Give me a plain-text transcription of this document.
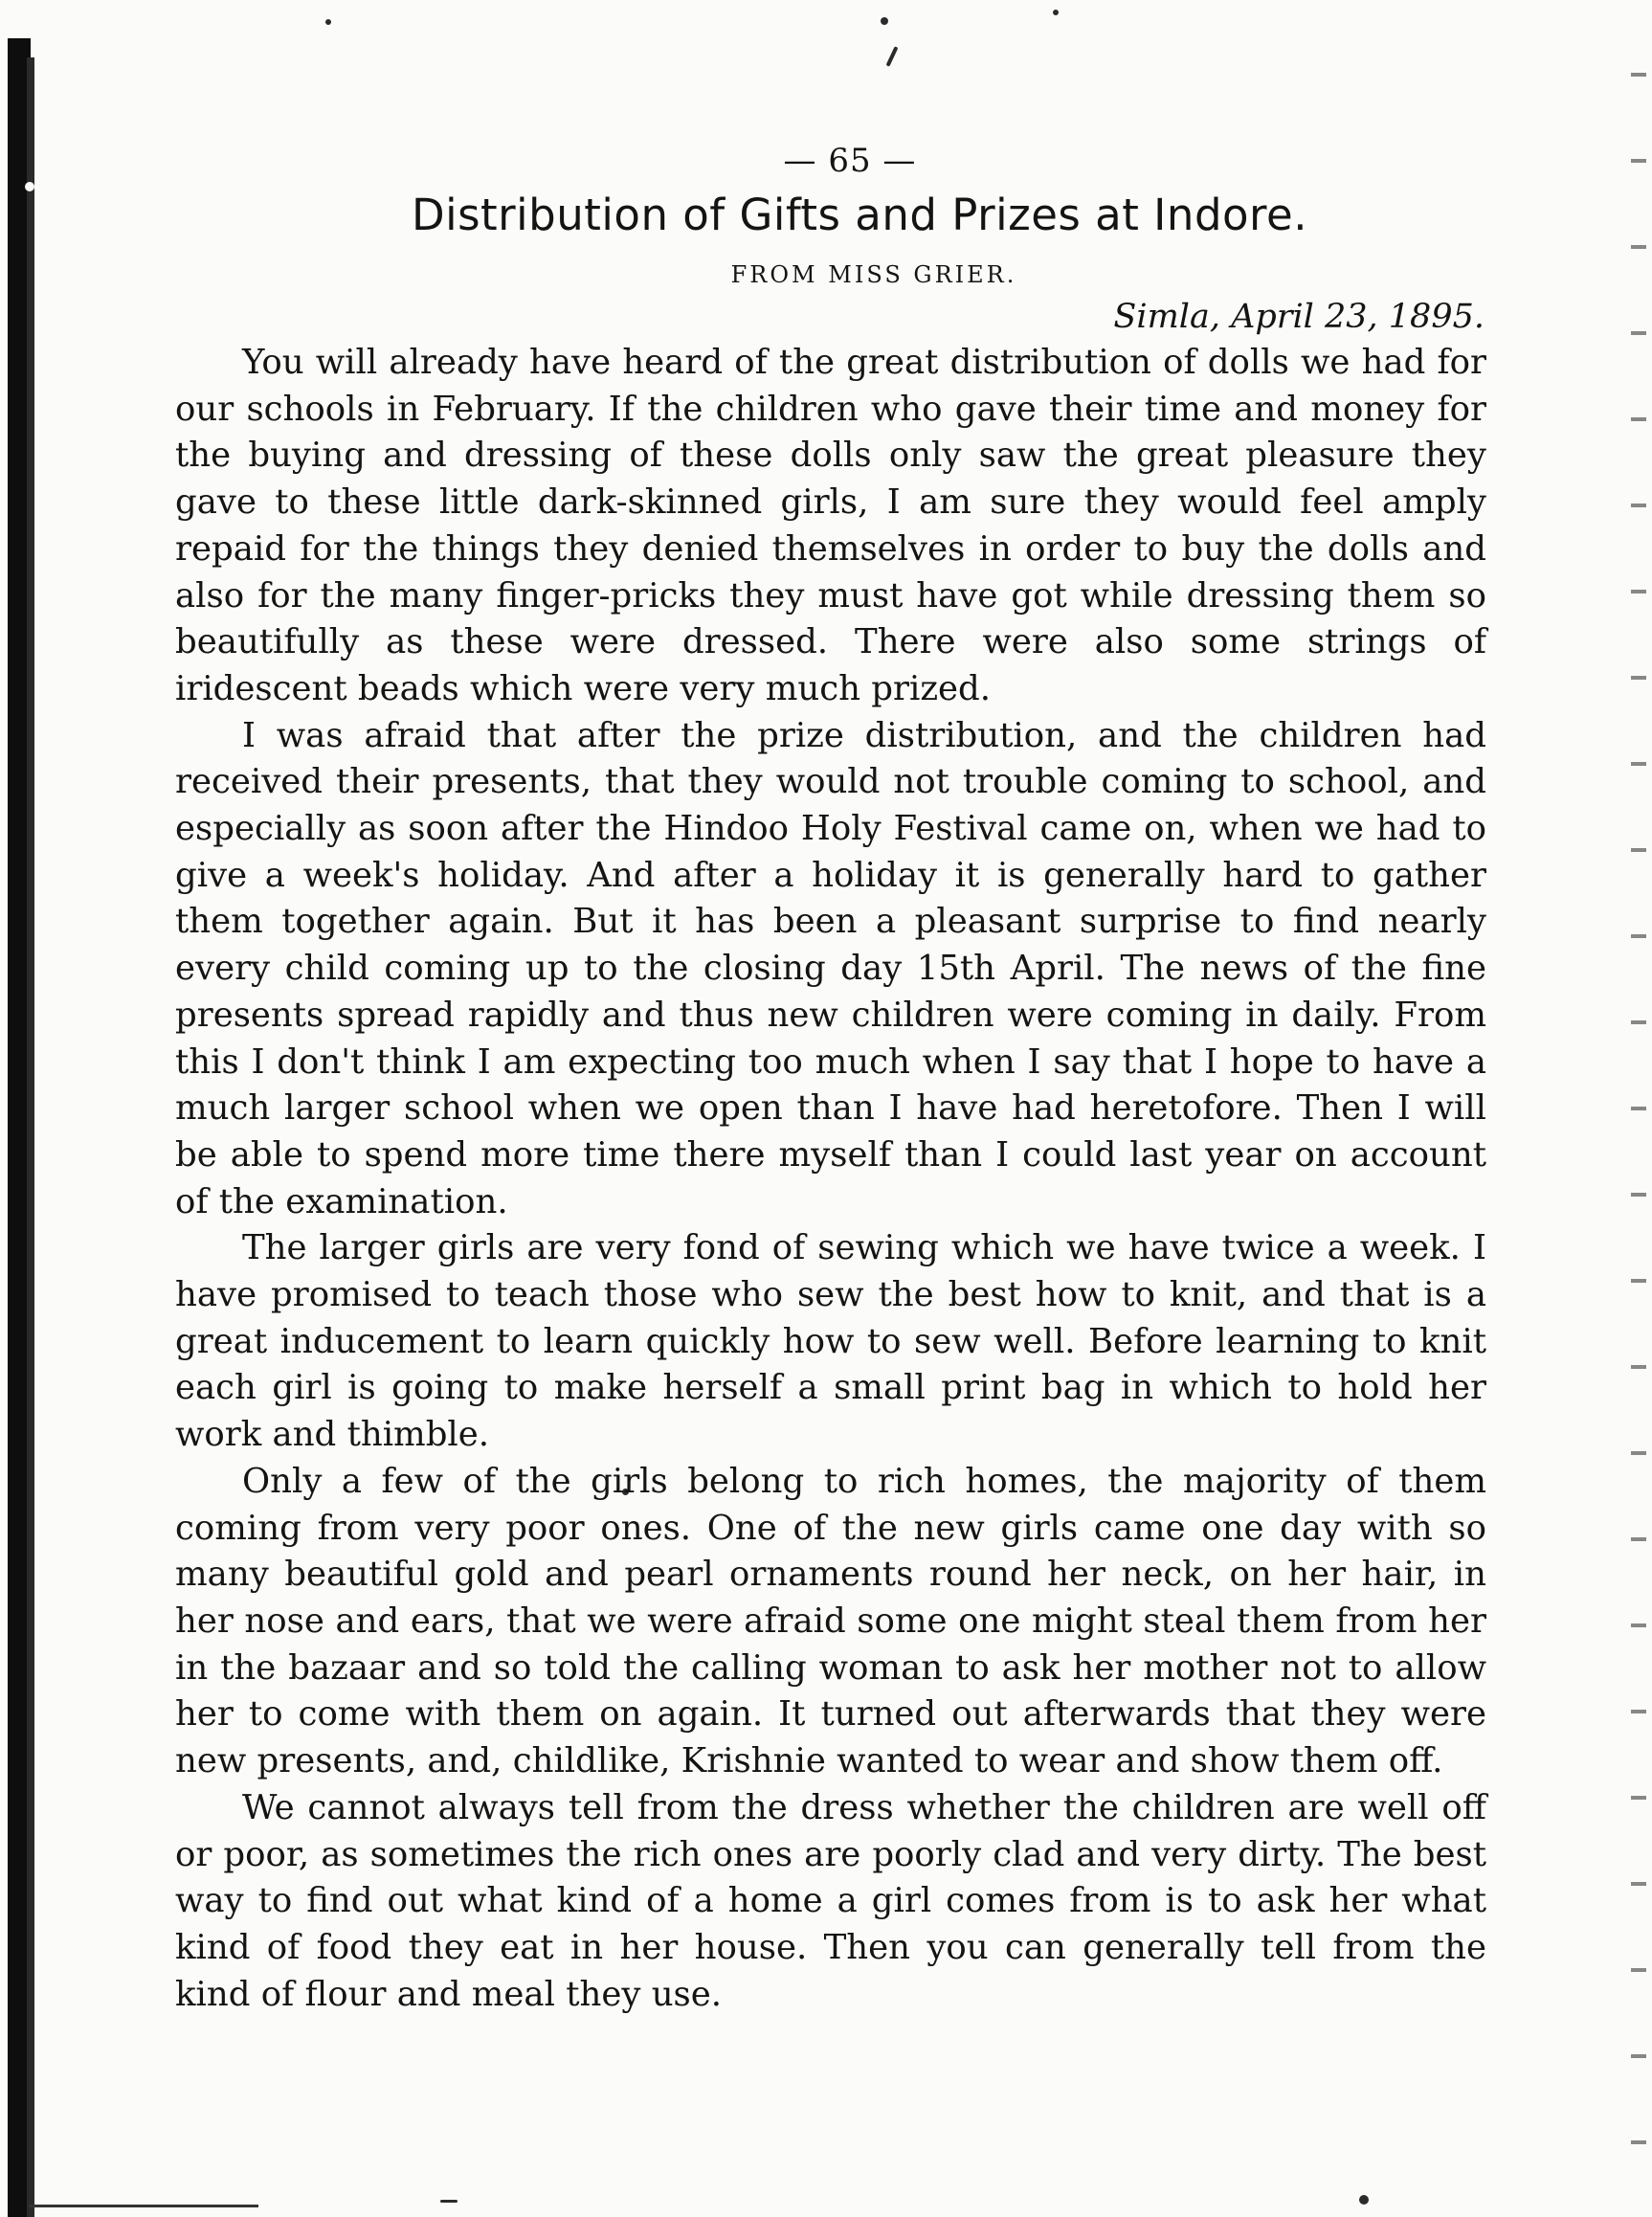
— 65 —
Distribution of Gifts and Prizes at Indore.
FROM MISS GRIER.
Simla, April 23, 1895.

You will already have heard of the great distribution of dolls we had for our schools in February. If the children who gave their time and money for the buying and dressing of these dolls only saw the great pleasure they gave to these little dark-skinned girls, I am sure they would feel amply repaid for the things they denied themselves in order to buy the dolls and also for the many finger-pricks they must have got while dressing them so beautifully as these were dressed. There were also some strings of iridescent beads which were very much prized.

I was afraid that after the prize distribution, and the children had received their presents, that they would not trouble coming to school, and especially as soon after the Hindoo Holy Festival came on, when we had to give a week's holiday. And after a holiday it is generally hard to gather them together again. But it has been a pleasant surprise to find nearly every child coming up to the closing day 15th April. The news of the fine presents spread rapidly and thus new children were coming in daily. From this I don't think I am expecting too much when I say that I hope to have a much larger school when we open than I have had heretofore. Then I will be able to spend more time there myself than I could last year on account of the examination.

The larger girls are very fond of sewing which we have twice a week. I have promised to teach those who sew the best how to knit, and that is a great inducement to learn quickly how to sew well. Before learning to knit each girl is going to make herself a small print bag in which to hold her work and thimble.

Only a few of the girls belong to rich homes, the majority of them coming from very poor ones. One of the new girls came one day with so many beautiful gold and pearl ornaments round her neck, on her hair, in her nose and ears, that we were afraid some one might steal them from her in the bazaar and so told the calling woman to ask her mother not to allow her to come with them on again. It turned out afterwards that they were new presents, and, childlike, Krishnie wanted to wear and show them off.

We cannot always tell from the dress whether the children are well off or poor, as sometimes the rich ones are poorly clad and very dirty. The best way to find out what kind of a home a girl comes from is to ask her what kind of food they eat in her house. Then you can generally tell from the kind of flour and meal they use.
